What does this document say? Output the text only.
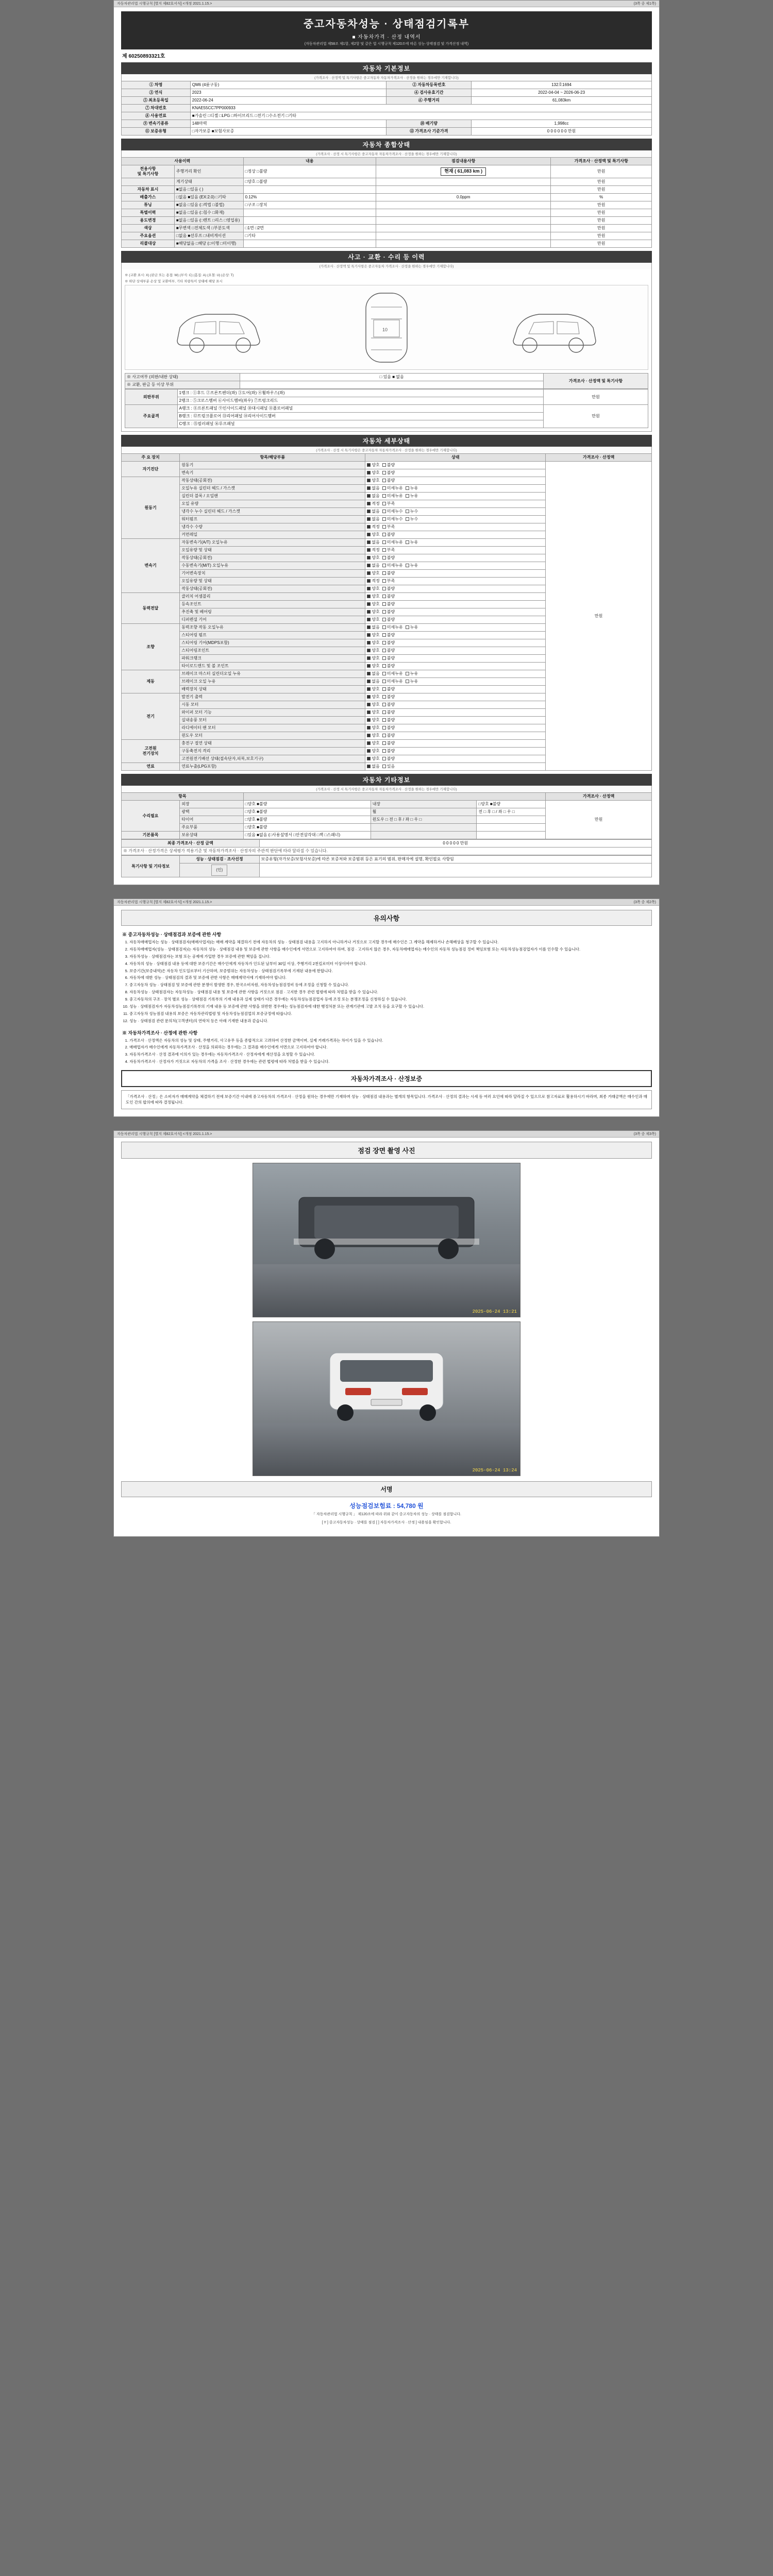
자동차관리법 시행규칙 [별지 제82호서식] <개정 2021.1.15.>	(3쪽 중 제1쪽)
중고자동차성능 · 상태점검기록부
■ 자동차가격 · 산정 내역서
(자동차관리법 제58조 제1항, 제2항 및 같은 법 시행규칙 제120조에 따른 성능·상태점검 및 가격산정 내역)
제 60250893321호
자동차 기본정보
(가격조사 · 산정액 및 특기사항은 중고자동차 자동차가격조사 · 산정을 원하는 경우에만 기재합니다)
① 차명	QM6 (4륜구동)	② 자동차등록번호	132호1694
③ 연식	2023	④ 검사유효기간	2022-04-04 ~ 2026-06-23
⑤ 최초등록일	2022-06-24	⑥ 주행거리	61,083km
⑦ 차대번호	KNAE55CC7PP000933		
⑧ 사용연료	■가솔린 □디젤 □LPG □하이브리드 □전기 □수소전기 □기타		
⑨ 변속기종류	148마력	⑩ 배기량	1,998cc
⑪ 보증유형	□자가보증 ■보험사보증	⑫ 가격조사 기준가격	0 0 0 0 0 0 만원
자동차 종합상태
(가격조사 · 산정 시 특기사항은 중고자동차 자동차가격조사 · 산정을 원하는 경우에만 기재합니다)
사용이력		내용	점검내용사항	가격조사 · 산정액 및 특기사항
전용사항
및 특기사항	주행거리 확인	□정상 □불량	현재 ( 61,083 km )	만원
	계기상태	□양호 □불량		만원
자동차 표시	■없음 □있음 ( )			만원
배출가스	□없음 ■있음 (EX:2.0) □기타	0.12%	0.0ppm	%
튜닝	■없음 □있음 (□적법 □불법)	□구조 □장치		만원
특별이력	■없음 □있음 (□침수 □화재)			만원
용도변경	■없음 □있음 (□렌트 □리스 □영업용)			만원
색상	■무변색 □전체도색 □부분도색	□1면 □2면		만원
주요옵션	□없음 ■선루프 □내비게이션	□기타		만원
리콜대상	■해당없음 □해당 (□이행 □미이행)			만원
사고 · 교환 · 수리 등 이력
(가격조사 · 산정액 및 특기사항은 중고자동차 가격조사 · 산정을 원하는 경우에만 기재합니다)
※ (교환 표시: X) (판금 또는 용접: W) (부식: C) (흠집: A) (요철: U) (손상: T)
※ 하단 상세부분 손상 및 교환여부, 기타 차량특이 상태에 해당 표시
10
※ 사고여부 (외판/내판 상태)	□ 있음 ■ 없음	가격조사 · 산정액 및 특기사항
※ 교환, 판금 등 이상 부위		
외판부위	1랭크 : ①후드 ②프론트펜더(좌) ③도어(좌) ④휠하우스(좌)	만원
	2랭크 : ⑤크로스멤버 ⑥사이드멤버(좌우) ⑦트렁크리드	
주요골격	A랭크 : ⑧프론트패널 ⑨인사이드패널 ⑩대시패널 ⑪플로어패널	만원
	B랭크 : ⑫트렁크플로어 ⑬리어패널 ⑭리어사이드멤버	
	C랭크 : ⑮필러패널 ⑯루프패널	
자동차 세부상태
(가격조사 · 산정 시 특기사항은 중고자동차 자동차가격조사 · 산정을 원하는 경우에만 기재합니다)
주 요 장치	항목/해당부품	상태	가격조사 · 산정액
자기진단	원동기	양호 불량	만원
	변속기	양호 불량	
원동기	작동상태(공회전)	양호 불량	
	오일누유 실린더 헤드 / 가스켓	없음 미세누유 누유	
	실린더 블록 / 오일팬	없음 미세누유 누유	
	오일 유량	적정 부족	
	냉각수 누수 실린더 헤드 / 가스켓	없음 미세누수 누수	
	워터펌프	없음 미세누수 누수	
	냉각수 수량	적정 부족	
	커먼레일	양호 불량	
변속기	자동변속기(A/T) 오일누유	없음 미세누유 누유	
	오일유량 및 상태	적정 부족	
	작동상태(공회전)	양호 불량	
	수동변속기(M/T) 오일누유	없음 미세누유 누유	
	기어변속장치	양호 불량	
	오일유량 및 상태	적정 부족	
	작동상태(공회전)	양호 불량	
동력전달	클러치 어셈블리	양호 불량	
	등속조인트	양호 불량	
	추진축 및 베어링	양호 불량	
	디퍼렌셜 기어	양호 불량	
조향	동력조향 작동 오일누유	없음 미세누유 누유	
	스티어링 펌프	양호 불량	
	스티어링 기어(MDPS포함)	양호 불량	
	스티어링조인트	양호 불량	
	파워크랭크	양호 불량	
	타이로드엔드 및 볼 조인트	양호 불량	
제동	브레이크 마스터 실린더오일 누유	없음 미세누유 누유	
	브레이크 오일 누유	없음 미세누유 누유	
	배력장치 상태	양호 불량	
전기	발전기 출력	양호 불량	
	시동 모터	양호 불량	
	와이퍼 모터 기능	양호 불량	
	실내송풍 모터	양호 불량	
	라디에이터 팬 모터	양호 불량	
	윈도우 모터	양호 불량	
고전원
전기장치	충전구 절연 상태	양호 불량	
	구동축전지 격리	양호 불량	
	고전원전기배선 상태(접속단자,피복,보호기구)	양호 불량	
연료	연료누출(LPG포함)	없음 있음	
자동차 기타정보
(가격조사 · 산정 시 특기사항은 중고자동차 자동차가격조사 · 산정을 원하는 경우에만 기재합니다)
항목					가격조사 · 산정액
수리필요	외장	□양호 ■불량	내장	□양호 ■불량	만원
	광택	□양호 ■불량	휠	전 □ 후 □ / 좌 □ 우 □	
	타이어	□양호 ■불량	윈도우 □ 전 □ 후 / 좌 □ 우 □		
	주요부품	□양호 ■불량			
기본품목	보유상태	□있음 ■없음 (□사용설명서 □안전삼각대 □잭 □스패너)			
최종 가격조사 · 산정 금액	0 0 0 0 0 만원
※ 가격조사 · 산정가격은 상세평가 적용기준 및 자동차가격조사 · 산정자의 주관적 판단에 따라 달라질 수 있습니다.
특기사항 및 기타정보	성능 · 상태점검 · 조사선정	보증유형(자가보증/보험사보증)에 따른 보증처와 보증범위 등은 표기의 범위, 판매자에 설명, 확인필요 사항임
	(인)	
자동차관리법 시행규칙 [별지 제82호서식] <개정 2021.1.15.>	(3쪽 중 제2쪽)
유의사항
※ 중고자동차성능 · 상태점검과 보증에 관한 사항
1. 자동차매매업자는 성능 · 상태점검자(매매사업자)는 매매 계약을 체결하기 전에 자동차의 성능 · 상태점검 내용을 고지하지 아니하거나 거짓으로 고지할 경우에 매수인은 그 계약을 해제하거나 손해배상을 청구할 수 있습니다.
2. 자동차매매업자(성능 · 상태점검자)는 자동차의 성능 · 상태점검 내용 및 보증에 관한 사항을 매수인에게 서면으로 고지하여야 하며, 점검 · 고지하지 않은 경우, 자동차매매업자는 매수인의 자동차 성능점검 정비 책임보험 또는 자동차성능점검업자가 이를 인수할 수 있습니다.
3. 자동차성능 · 상태점검자는 보험 또는 공제에 가입한 경우 보증에 관한 책임을 집니다.
4. 자동차의 성능 · 상태점검 내용 등에 대한 보증기간은 매수인에게 자동차가 인도된 날부터 30일 이상, 주행거리 2천킬로미터 이상이어야 합니다.
5. 보증기간(보증내역)은 자동차 인도일로부터 기산하며, 보증범위는 자동차성능 · 상태점검기록부에 기재된 내용에 한합니다.
6. 자동차에 대한 성능 · 상태점검의 결과 및 보증에 관한 사항은 매매계약서에 기재하여야 합니다.
7. 중고자동차 성능 · 상태점검 및 보증에 관한 분쟁이 발생한 경우, 한국소비자원, 자동차성능점검정비 등에 조정을 신청할 수 있습니다.
8. 자동차성능 · 상태점검자는 자동차성능 · 상태점검 내용 및 보증에 관한 사항을 거짓으로 점검 · 고지한 경우 관련 법령에 따라 처벌을 받을 수 있습니다.
9. 중고자동차의 구조 · 장치 별로 성능 · 상태점검 기록부의 기재 내용과 실제 상태가 다른 경우에는 자동차성능점검업자 등에 조정 또는 분쟁조정을 신청하실 수 있습니다.
10. 성능 · 상태점검자가 자동차성능점검기록부의 기재 내용 등 보증에 관한 사항을 위반한 경우에는 성능점검자에 대한 행정처분 또는 관계기관에 고발 조치 등을 요구할 수 있습니다.
11. 중고자동차 성능점검 내용의 보증은 자동차관리법령 및 자동차성능점검업의 보증규정에 따릅니다.
12. 성능 · 상태점검 관련 문의처(고객센터)의 연락처 등은 아래 기재한 내용과 같습니다.
※ 자동차가격조사 · 산정에 관한 사항
1. 가격조사 · 산정액은 자동차의 성능 및 상태, 주행거리, 사고유무 등을 종합적으로 고려하여 산정한 금액이며, 실제 거래가격과는 차이가 있을 수 있습니다.
2. 매매업자가 매수인에게 자동차가격조사 · 산정을 의뢰하는 경우에는 그 결과를 매수인에게 서면으로 고지하여야 합니다.
3. 자동차가격조사 · 산정 결과에 이의가 있는 경우에는 자동차가격조사 · 산정자에게 재산정을 요청할 수 있습니다.
4. 자동차가격조사 · 산정자가 거짓으로 자동차의 가격을 조사 · 산정한 경우에는 관련 법령에 따라 처벌을 받을 수 있습니다.
자동차가격조사 · 산정보증
「가격조사 · 산정」은 소비자가 매매계약을 체결하기 전에 보증기간 이내에 중고자동차의 가격조사 · 산정을 원하는 경우에만 기재하며 성능 · 상태점검 내용과는 별개의 항목입니다. 가격조사 · 산정의 결과는 시세 등 여러 요인에 따라 달라질 수 있으므로 참고자료로 활용하시기 바라며, 최종 거래금액은 매수인과 매도인 간의 합의에 따라 결정됩니다.
자동차관리법 시행규칙 [별지 제82호서식] <개정 2021.1.15.>	(3쪽 중 제3쪽)
점검 장면 촬영 사진
2025-06-24 13:21
2025-06-24 13:24
서명
성능점검보험료 : 54,780 원
「 자동차관리법 시행규칙 」 제120조에 따라 위와 같이 중고자동차의 성능 · 상태를 점검합니다.
[ Y ] 중고자동차성능 · 상태를 점검 [ ] 자동차가격조사 · 산정 ] 내용임을 확인합니다.
